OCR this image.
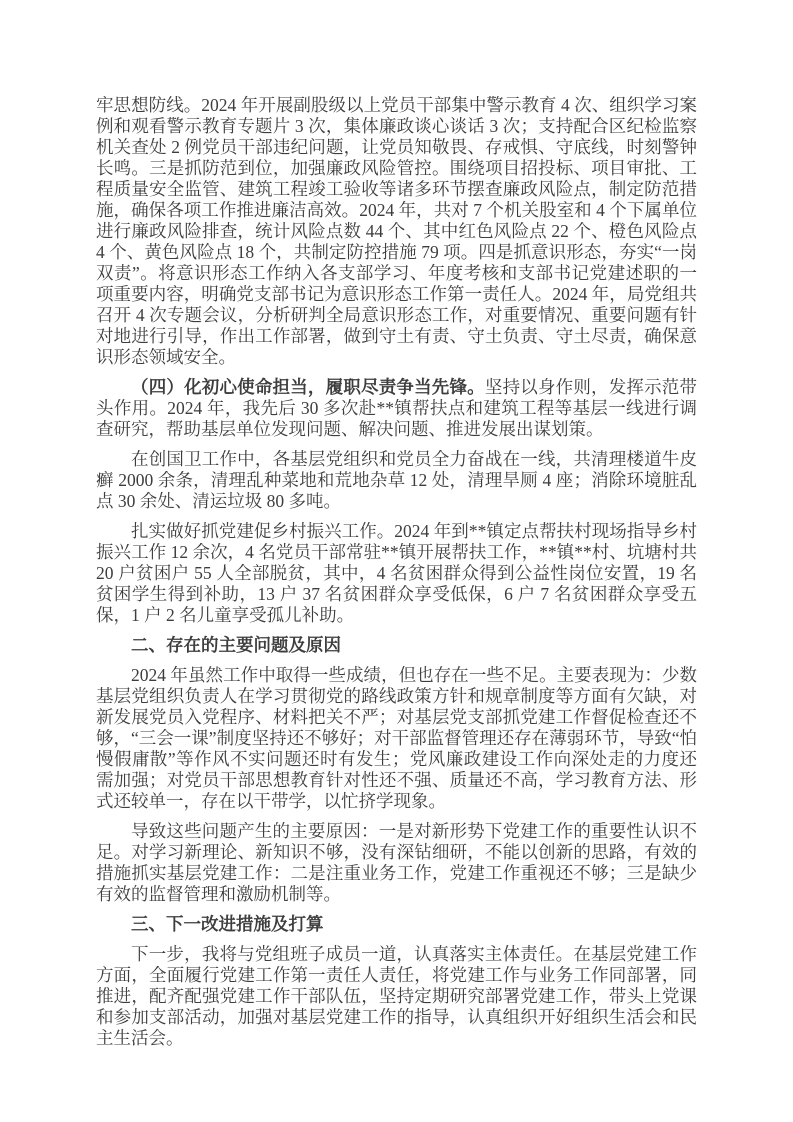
牢思想防线。2024 年开展副股级以上党员干部集中警示教育 4 次、组织学习案例和观看警示教育专题片 3 次，集体廉政谈心谈话 3 次；支持配合区纪检监察机关查处 2 例党员干部违纪问题，让党员知敬畏、存戒惧、守底线，时刻警钟长鸣。三是抓防范到位，加强廉政风险管控。围绕项目招投标、项目审批、工程质量安全监管、建筑工程竣工验收等诸多环节摆查廉政风险点，制定防范措施，确保各项工作推进廉洁高效。2024 年，共对 7 个机关股室和 4 个下属单位进行廉政风险排查，统计风险点数 44 个、其中红色风险点 22 个、橙色风险点 4 个、黄色风险点 18 个，共制定防控措施 79 项。四是抓意识形态，夯实“一岗双责”。将意识形态工作纳入各支部学习、年度考核和支部书记党建述职的一项重要内容，明确党支部书记为意识形态工作第一责任人。2024 年，局党组共召开 4 次专题会议，分析研判全局意识形态工作，对重要情况、重要问题有针对地进行引导，作出工作部署，做到守土有责、守土负责、守土尽责，确保意识形态领域安全。

（四）化初心使命担当，履职尽责争当先锋。坚持以身作则，发挥示范带头作用。2024 年，我先后 30 多次赴**镇帮扶点和建筑工程等基层一线进行调查研究，帮助基层单位发现问题、解决问题、推进发展出谋划策。

在创国卫工作中，各基层党组织和党员全力奋战在一线，共清理楼道牛皮癣 2000 余条，清理乱种菜地和荒地杂草 12 处，清理旱厕 4 座；消除环境脏乱点 30 余处、清运垃圾 80 多吨。

扎实做好抓党建促乡村振兴工作。2024 年到**镇定点帮扶村现场指导乡村振兴工作 12 余次，4 名党员干部常驻**镇开展帮扶工作，**镇**村、坑塘村共 20 户贫困户 55 人全部脱贫，其中，4 名贫困群众得到公益性岗位安置，19 名贫困学生得到补助，13 户 37 名贫困群众享受低保，6 户 7 名贫困群众享受五保，1 户 2 名儿童享受孤儿补助。

二、存在的主要问题及原因

2024 年虽然工作中取得一些成绩，但也存在一些不足。主要表现为：少数基层党组织负责人在学习贯彻党的路线政策方针和规章制度等方面有欠缺，对新发展党员入党程序、材料把关不严；对基层党支部抓党建工作督促检查还不够，“三会一课”制度坚持还不够好；对干部监督管理还存在薄弱环节，导致“怕慢假庸散”等作风不实问题还时有发生；党风廉政建设工作向深处走的力度还需加强；对党员干部思想教育针对性还不强、质量还不高，学习教育方法、形式还较单一，存在以干带学，以忙挤学现象。

导致这些问题产生的主要原因：一是对新形势下党建工作的重要性认识不足。对学习新理论、新知识不够，没有深钻细研，不能以创新的思路，有效的措施抓实基层党建工作：二是注重业务工作，党建工作重视还不够；三是缺少有效的监督管理和激励机制等。

三、下一改进措施及打算

下一步，我将与党组班子成员一道，认真落实主体责任。在基层党建工作方面，全面履行党建工作第一责任人责任，将党建工作与业务工作同部署，同推进，配齐配强党建工作干部队伍，坚持定期研究部署党建工作，带头上党课和参加支部活动，加强对基层党建工作的指导，认真组织开好组织生活会和民主生活会。
